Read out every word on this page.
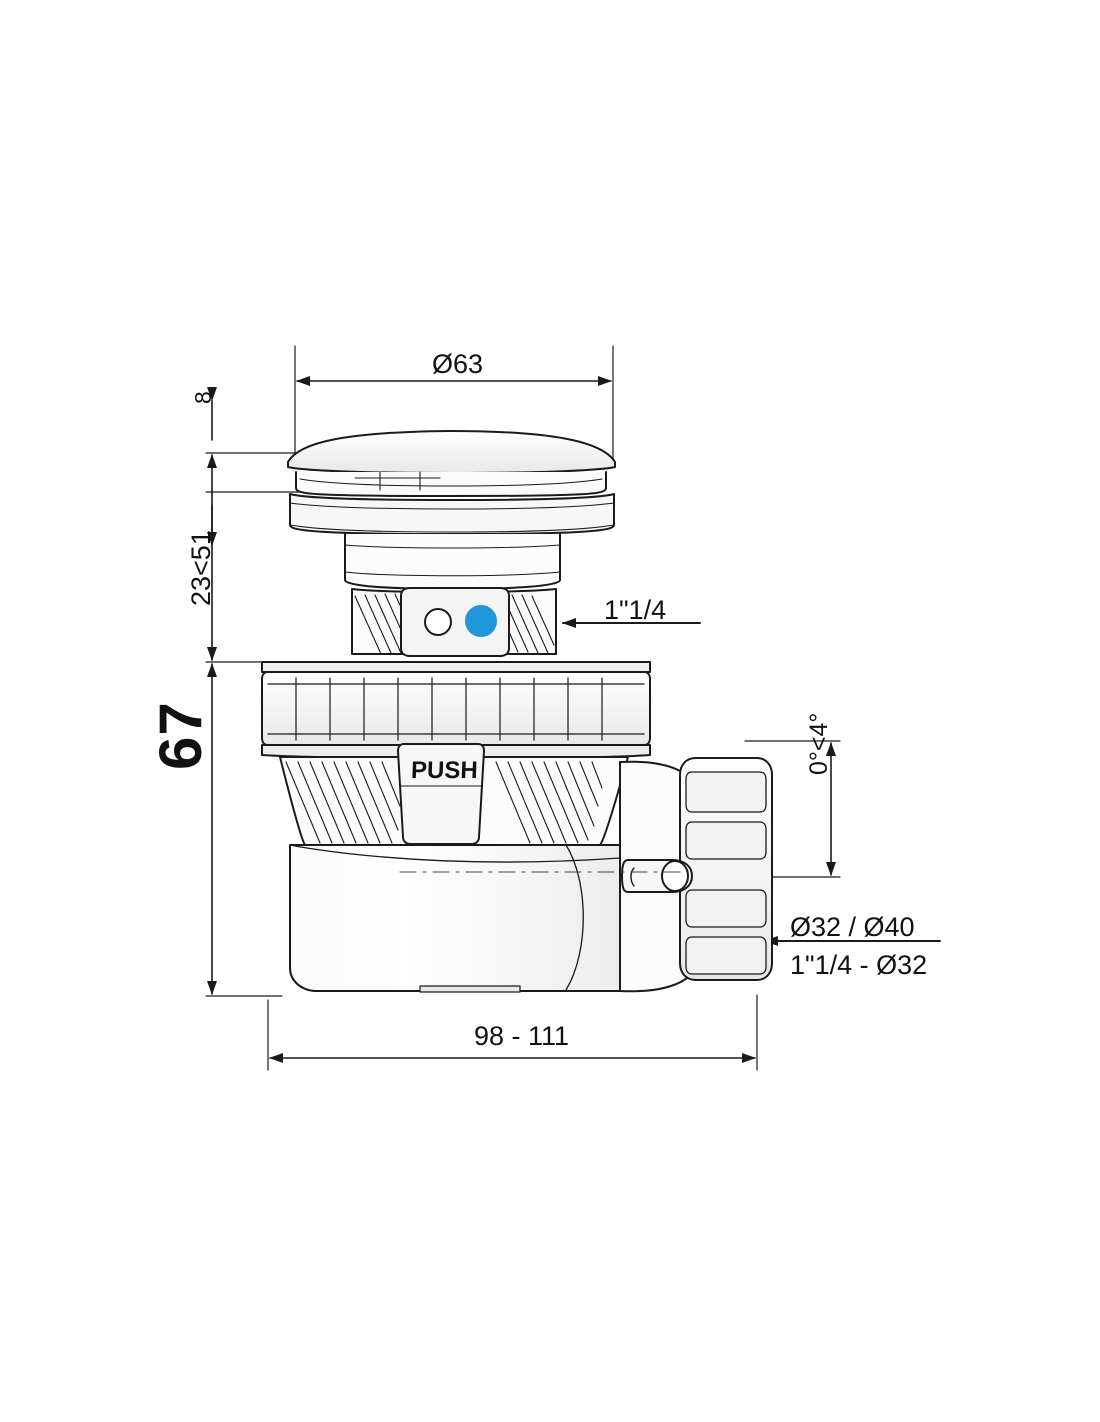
Ø63
8
23<51
67
1"1/4
0°<4°
Ø32 / Ø40
1"1/4 - Ø32
98 - 111
PUSH
